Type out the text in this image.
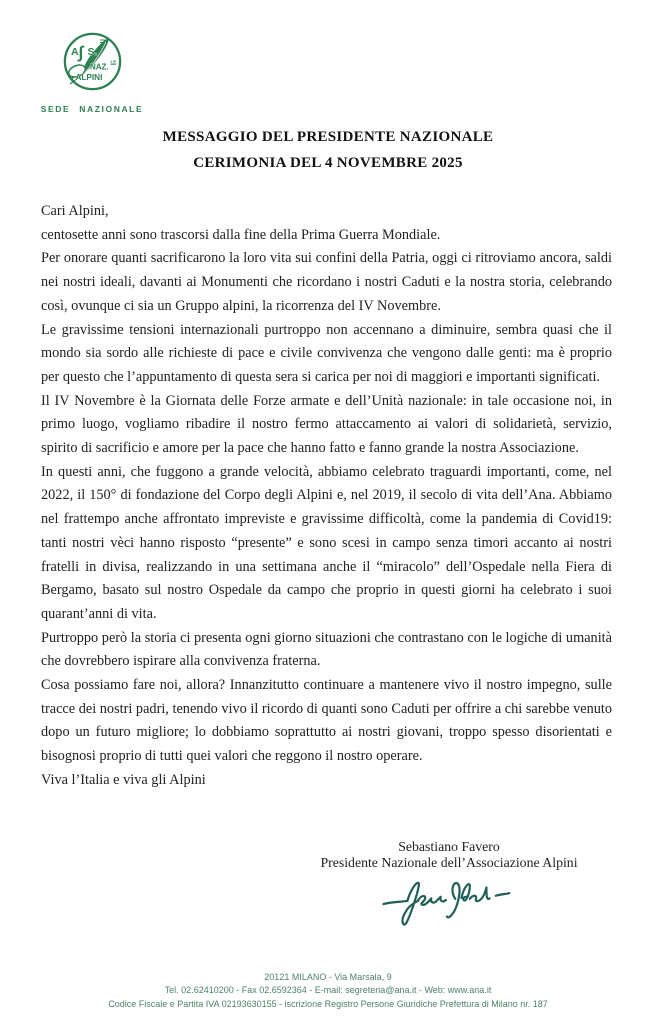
A ∫ S.
NAZ.
LE
ALPINI
SEDE NAZIONALE
MESSAGGIO DEL PRESIDENTE NAZIONALE
CERIMONIA DEL 4 NOVEMBRE 2025

Cari Alpini,

centosette anni sono trascorsi dalla fine della Prima Guerra Mondiale.

Per onorare quanti sacrificarono la loro vita sui confini della Patria, oggi ci ritroviamo ancora, saldi nei nostri ideali, davanti ai Monumenti che ricordano i nostri Caduti e la nostra storia, celebrando così, ovunque ci sia un Gruppo alpini, la ricorrenza del IV Novembre.

Le gravissime tensioni internazionali purtroppo non accennano a diminuire, sembra quasi che il mondo sia sordo alle richieste di pace e civile convivenza che vengono dalle genti: ma è proprio per questo che l’appuntamento di questa sera si carica per noi di maggiori e importanti significati.

Il IV Novembre è la Giornata delle Forze armate e dell’Unità nazionale: in tale occasione noi, in primo luogo, vogliamo ribadire il nostro fermo attaccamento ai valori di solidarietà, servizio, spirito di sacrificio e amore per la pace che hanno fatto e fanno grande la nostra Associazione.

In questi anni, che fuggono a grande velocità, abbiamo celebrato traguardi importanti, come, nel 2022, il 150° di fondazione del Corpo degli Alpini e, nel 2019, il secolo di vita dell’Ana. Abbiamo nel frattempo anche affrontato impreviste e gravissime difficoltà, come la pandemia di Covid19: tanti nostri vèci hanno risposto “presente” e sono scesi in campo senza timori accanto ai nostri fratelli in divisa, realizzando in una settimana anche il “miracolo” dell’Ospedale nella Fiera di Bergamo, basato sul nostro Ospedale da campo che proprio in questi giorni ha celebrato i suoi quarant’anni di vita.

Purtroppo però la storia ci presenta ogni giorno situazioni che contrastano con le logiche di umanità che dovrebbero ispirare alla convivenza fraterna.

Cosa possiamo fare noi, allora? Innanzitutto continuare a mantenere vivo il nostro impegno, sulle tracce dei nostri padri, tenendo vivo il ricordo di quanti sono Caduti per offrire a chi sarebbe venuto dopo un futuro migliore; lo dobbiamo soprattutto ai nostri giovani, troppo spesso disorientati e bisognosi proprio di tutti quei valori che reggono il nostro operare.

Viva l’Italia e viva gli Alpini

Sebastiano Favero
Presidente Nazionale dell’Associazione Alpini
20121 MILANO - Via Marsala, 9
Tel. 02.62410200 - Fax 02.6592364 - E-mail: segreteria@ana.it - Web: www.ana.it
Codice Fiscale e Partita IVA 02193630155 - iscrizione Registro Persone Giuridiche Prefettura di Milano nr. 187
